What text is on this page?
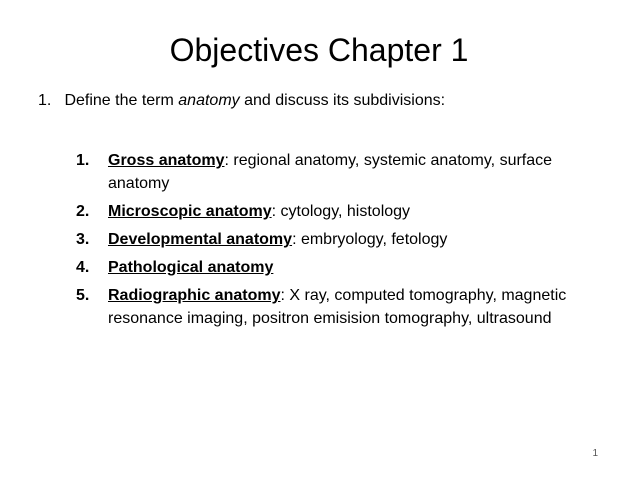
Objectives Chapter 1
1. Define the term anatomy and discuss its subdivisions:
1. Gross anatomy: regional anatomy, systemic anatomy, surface anatomy
2. Microscopic anatomy: cytology, histology
3. Developmental anatomy: embryology, fetology
4. Pathological anatomy
5. Radiographic anatomy: X ray, computed tomography, magnetic resonance imaging, positron emisision tomography, ultrasound
1
